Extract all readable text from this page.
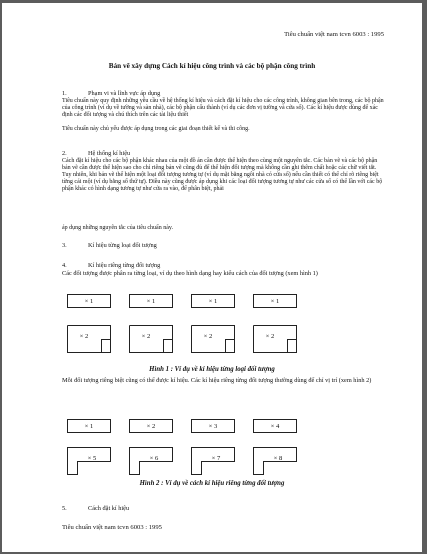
Tiêu chuẩn việt nam tcvn 6003 : 1995
Bản vẽ xây dựng Cách kí hiệu công trình và các bộ phận công trình
1.	Phạm vi và lĩnh vực áp dụng
Tiêu chuẩn này quy định những yêu cầu về hệ thống kí hiệu và cách đặt kí hiệu cho các công trình, không gian bên trong, các bộ phận của công trình (ví dụ về tường và sàn nhà), các bộ phận cấu thành (ví dụ các đơn vị tường và cửa sổ). Các kí hiệu được dùng để xác định các đối tượng và chú thích trên các tài liệu thiết
Tiêu chuẩn này chủ yếu được áp dụng trong các giai đoạn thiết kế và thi công.
2.	Hệ thống kí hiệu
Cách đặt kí hiệu cho các bộ phận khác nhau của một đồ án cần được thể hiện theo cùng một nguyên tắc. Các bản vẽ và các bộ phận bản vẽ cần được thể hiện sao cho chỉ riêng bản vẽ cũng đủ để thể hiện đối tượng mà không cần ghi thêm chất hoặc các chữ viết tắt. Tuy nhiên, khi bản vẽ thể hiện một loại đối tượng tương tự (ví dụ mặt bằng ngôi nhà có cửa sổ) nếu cần thiết có thể chỉ rõ riêng biệt từng cái một (ví dụ bằng số thứ tự). Điều này cũng được áp dụng khi các loại đối tượng tương tự như các cửa số có thể lần với các bộ phận khác có hình dạng tương tự như cửa ra vào, để phân biệt, phải
áp dụng những nguyên tắc của tiêu chuẩn này.
3.	Kí hiệu từng loại đối tượng
4.	Kí hiệu riêng từng đối tượng
Các đối tượng được phân ra từng loại, ví dụ theo hình dạng hay kiểu cách của đối tượng (xem hình 1)
× 1	× 1	× 1	× 1
× 2	× 2	× 2	× 2
Hình 1 : Ví dụ về kí hiệu từng loại đối tượng
Mỗi đối tượng riêng biệt cũng có thể được kí hiệu. Các kí hiệu riêng từng đối tượng thường dùng để chỉ vị trí (xem hình 2)
× 1	× 2	× 3	× 4
× 5	× 6	× 7	× 8
Hình 2 : Ví dụ về cách kí hiệu riêng từng đối tượng
5.	Cách đặt kí hiệu
Tiêu chuẩn việt nam tcvn 6003 : 1995
